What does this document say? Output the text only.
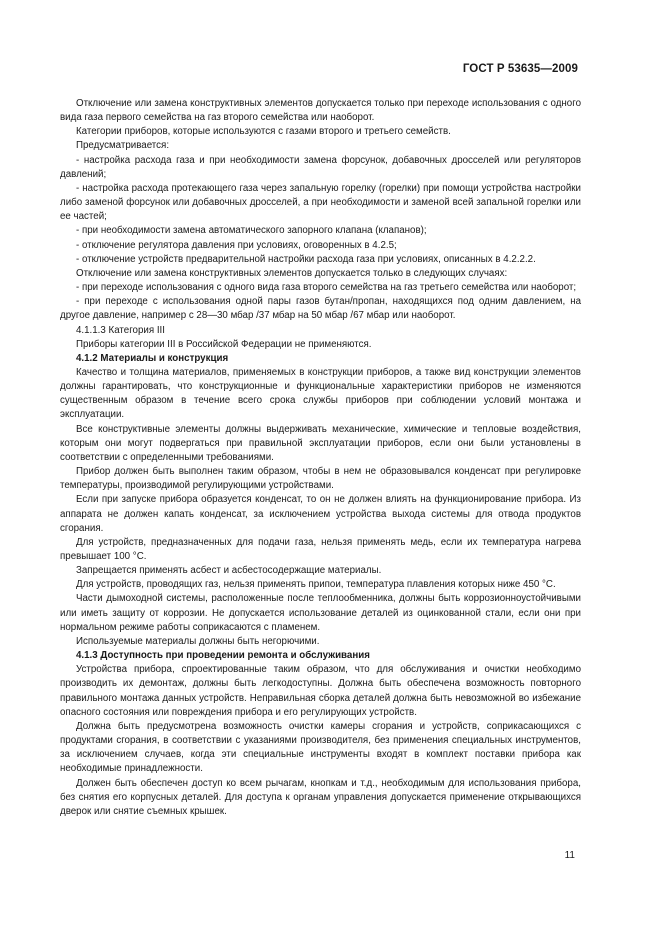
ГОСТ Р 53635—2009

Отключение или замена конструктивных элементов допускается только при переходе использования с одного вида газа первого семейства на газ второго семейства или наоборот.

Категории приборов, которые используются с газами второго и третьего семейств.

Предусматривается:

- настройка расхода газа и при необходимости замена форсунок, добавочных дросселей или регуляторов давлений;

- настройка расхода протекающего газа через запальную горелку (горелки) при помощи устройства настройки либо заменой форсунок или добавочных дросселей, а при необходимости и заменой всей запальной горелки или ее частей;

- при необходимости замена автоматического запорного клапана (клапанов);

- отключение регулятора давления при условиях, оговоренных в 4.2.5;

- отключение устройств предварительной настройки расхода газа при условиях, описанных в 4.2.2.2.

Отключение или замена конструктивных элементов допускается только в следующих случаях:

- при переходе использования с одного вида газа второго семейства на газ третьего семейства или наоборот;

- при переходе с использования одной пары газов бутан/пропан, находящихся под одним давлением, на другое давление, например с 28—30 мбар /37 мбар на 50 мбар /67 мбар или наоборот.

4.1.1.3 Категория III

Приборы категории III в Российской Федерации не применяются.

4.1.2 Материалы и конструкция

Качество и толщина материалов, применяемых в конструкции приборов, а также вид конструкции элементов должны гарантировать, что конструкционные и функциональные характеристики приборов не изменяются существенным образом в течение всего срока службы приборов при соблюдении условий монтажа и эксплуатации.

Все конструктивные элементы должны выдерживать механические, химические и тепловые воздействия, которым они могут подвергаться при правильной эксплуатации приборов, если они были установлены в соответствии с определенными требованиями.

Прибор должен быть выполнен таким образом, чтобы в нем не образовывался конденсат при регулировке температуры, производимой регулирующими устройствами.

Если при запуске прибора образуется конденсат, то он не должен влиять на функционирование прибора. Из аппарата не должен капать конденсат, за исключением устройства выхода системы для отвода продуктов сгорания.

Для устройств, предназначенных для подачи газа, нельзя применять медь, если их температура нагрева превышает 100 °С.

Запрещается применять асбест и асбестосодержащие материалы.

Для устройств, проводящих газ, нельзя применять припои, температура плавления которых ниже 450 °С.

Части дымоходной системы, расположенные после теплообменника, должны быть коррозионноустойчивыми или иметь защиту от коррозии. Не допускается использование деталей из оцинкованной стали, если они при нормальном режиме работы соприкасаются с пламенем.

Используемые материалы должны быть негорючими.

4.1.3 Доступность при проведении ремонта и обслуживания

Устройства прибора, спроектированные таким образом, что для обслуживания и очистки необходимо производить их демонтаж, должны быть легкодоступны. Должна быть обеспечена возможность повторного правильного монтажа данных устройств. Неправильная сборка деталей должна быть невозможной во избежание опасного состояния или повреждения прибора и его регулирующих устройств.

Должна быть предусмотрена возможность очистки камеры сгорания и устройств, соприкасающихся с продуктами сгорания, в соответствии с указаниями производителя, без применения специальных инструментов, за исключением случаев, когда эти специальные инструменты входят в комплект поставки прибора как необходимые принадлежности.

Должен быть обеспечен доступ ко всем рычагам, кнопкам и т.д., необходимым для использования прибора, без снятия его корпусных деталей. Для доступа к органам управления допускается применение открывающихся дверок или снятие съемных крышек.

11
